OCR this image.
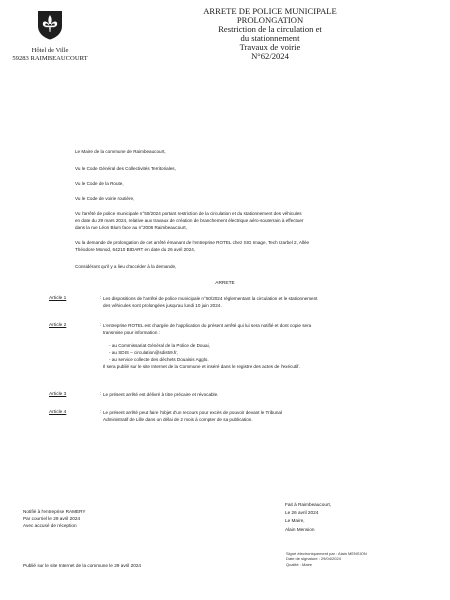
Hôtel de Ville
59283 RAIMBEAUCOURT
ARRETE DE POLICE MUNICIPALE
PROLONGATION
Restriction de la circulation et
du stationnement
Travaux de voirie
N°62/2024
Le Maire de la commune de Raimbeaucourt,
Vu le Code Général des Collectivités Territoriales,
Vu le Code de la Route,
Vu le Code de voirie routière,
Vu l'arrêté de police municipale n°50/2024 portant restriction de la circulation et du stationnement des véhicules
en date du 29 mars 2024, relative aux travaux de création de branchement électrique aéro-souterrain à effectuer
dans la rue Léon Blum face au n°2006 Raimbeaucourt,
Vu la demande de prolongation de cet arrêté émanant de l'entreprise ROTEL chez SIG Image, Tech Izarbel 2, Allée
Théodore Monod, 64210 BIDART en date du 26 avril 2024,
Considérant qu'il y a lieu d'accéder à la demande,
ARRETE
Article 1	: Les dispositions de l'arrêté de police municipale n°50/2024 réglementant la circulation et le stationnement
des véhicules sont prolongées jusqu'au lundi 10 juin 2024.
Article 2	: L'entreprise ROTEL est chargée de l'application du présent arrêté qui lui sera notifié et dont copie sera
transmise pour information :
- au Commissariat Général de la Police de Douai,
- au SDIS – circulation@sdis59.fr,
- au service collecte des déchets Douaisis Agglo.
Il sera publié sur le site Internet de la Commune et inséré dans le registre des actes de l'exécutif.
Article 3	: Le présent arrêté est délivré à titre précaire et révocable.
Article 4	: Le présent arrêté peut faire l'objet d'un recours pour excès de pouvoir devant le Tribunal
Administratif de Lille dans un délai de 2 mois à compter de sa publication.
Notifié à l'entreprise RAMERY
Par courriel le 29 avril 2024
Avec accusé de réception
Fait à Raimbeaucourt,
Le 26 avril 2024
Le Maire,
Alain Mension
Signé électroniquement par : Alain MENSION
Date de signature : 29/04/2024
Qualité : Maire
Publié sur le site Internet de la commune le 29 avril 2024
